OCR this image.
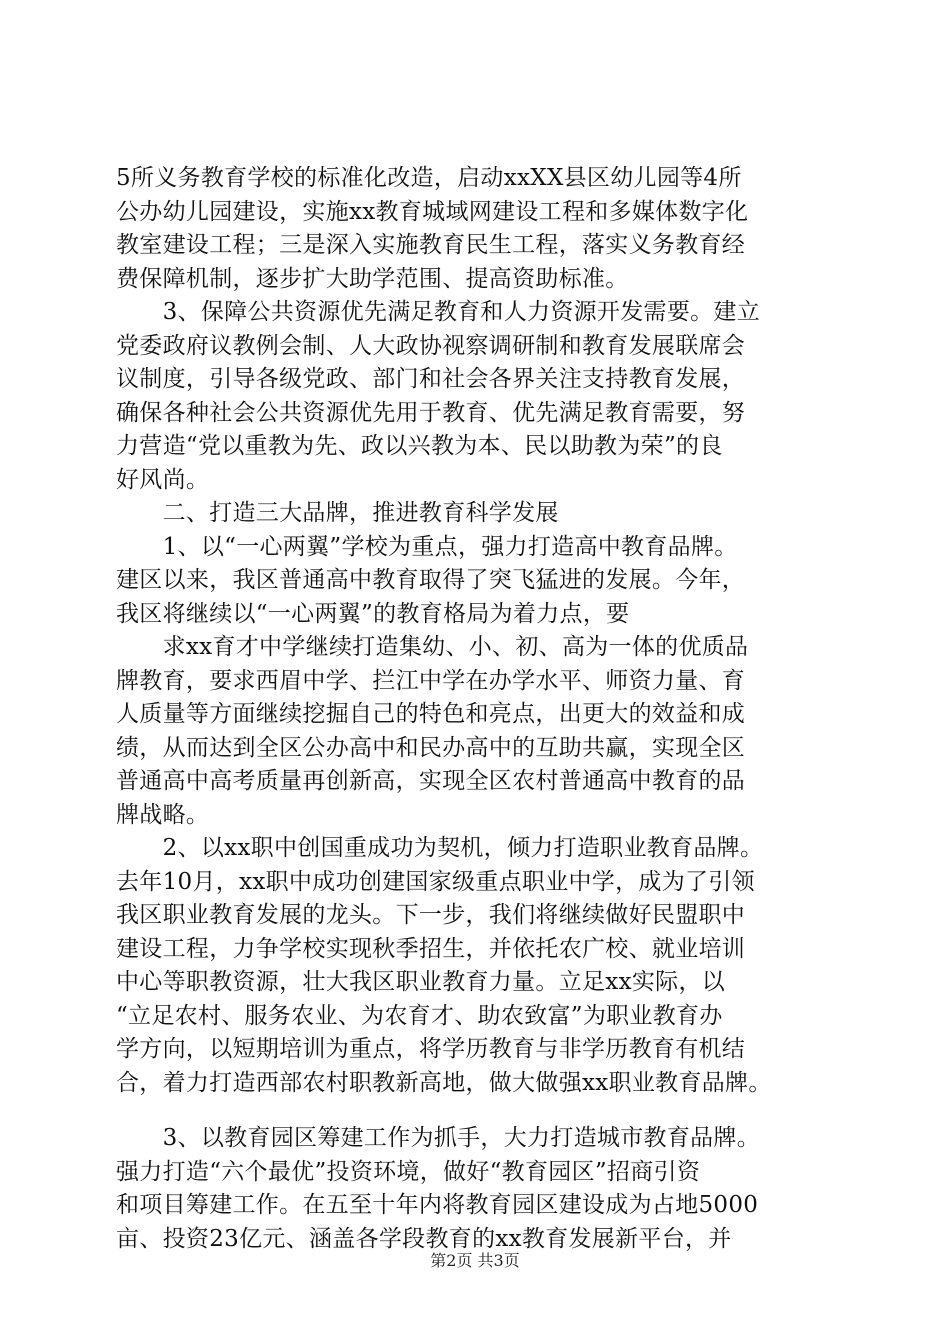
5所义务教育学校的标准化改造，启动xxXX县区幼儿园等4所
公办幼儿园建设，实施xx教育城域网建设工程和多媒体数字化
教室建设工程；三是深入实施教育民生工程，落实义务教育经
费保障机制，逐步扩大助学范围、提高资助标准。
　　3、保障公共资源优先满足教育和人力资源开发需要。建立
党委政府议教例会制、人大政协视察调研制和教育发展联席会
议制度，引导各级党政、部门和社会各界关注支持教育发展，
确保各种社会公共资源优先用于教育、优先满足教育需要，努
力营造“党以重教为先、政以兴教为本、民以助教为荣”的良
好风尚。
　　二、打造三大品牌，推进教育科学发展
　　1、以“一心两翼”学校为重点，强力打造高中教育品牌。
建区以来，我区普通高中教育取得了突飞猛进的发展。今年，
我区将继续以“一心两翼”的教育格局为着力点，要
　　求xx育才中学继续打造集幼、小、初、高为一体的优质品
牌教育，要求西眉中学、拦江中学在办学水平、师资力量、育
人质量等方面继续挖掘自己的特色和亮点，出更大的效益和成
绩，从而达到全区公办高中和民办高中的互助共赢，实现全区
普通高中高考质量再创新高，实现全区农村普通高中教育的品
牌战略。
　　2、以xx职中创国重成功为契机，倾力打造职业教育品牌。
去年10月，xx职中成功创建国家级重点职业中学，成为了引领
我区职业教育发展的龙头。下一步，我们将继续做好民盟职中
建设工程，力争学校实现秋季招生，并依托农广校、就业培训
中心等职教资源，壮大我区职业教育力量。立足xx实际，以
“立足农村、服务农业、为农育才、助农致富”为职业教育办
学方向，以短期培训为重点，将学历教育与非学历教育有机结
合，着力打造西部农村职教新高地，做大做强xx职业教育品牌。
　　3、以教育园区筹建工作为抓手，大力打造城市教育品牌。
强力打造“六个最优”投资环境，做好“教育园区”招商引资
和项目筹建工作。在五至十年内将教育园区建设成为占地5000
亩、投资23亿元、涵盖各学段教育的xx教育发展新平台，并
第2页 共3页
